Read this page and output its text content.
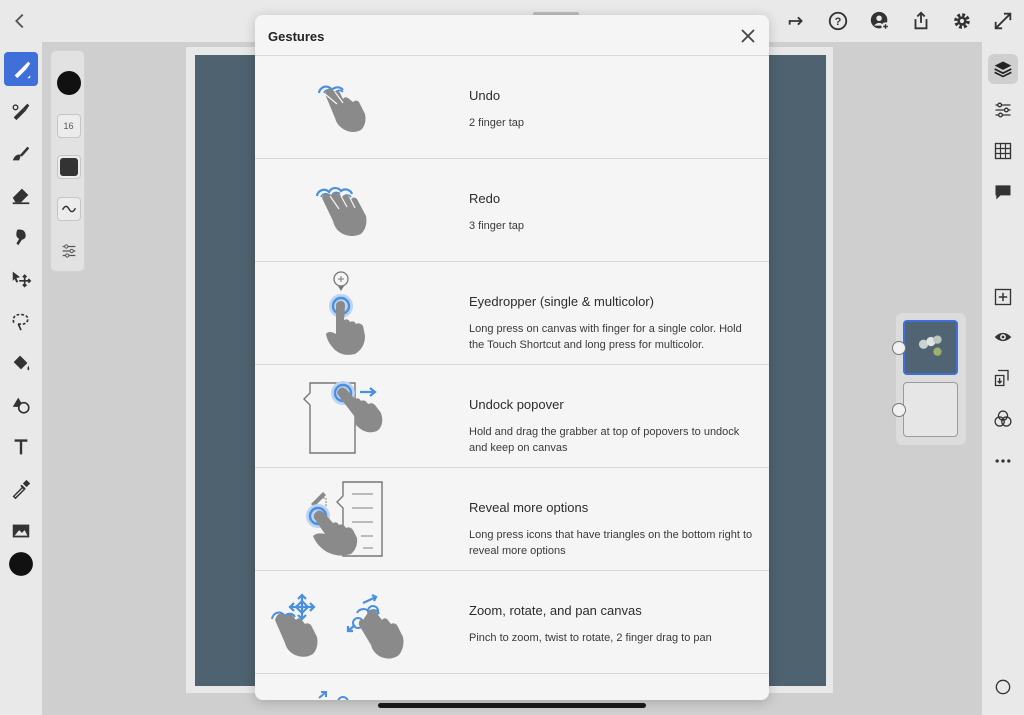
?
16
Gestures
Undo
2 finger tap
Redo
3 finger tap
Eyedropper (single & multicolor)
Long press on canvas with finger for a single color. Hold the Touch Shortcut and long press for multicolor.
Undock popover
Hold and drag the grabber at top of popovers to undock and keep on canvas
Reveal more options
Long press icons that have triangles on the bottom right to reveal more options
Zoom, rotate, and pan canvas
Pinch to zoom, twist to rotate, 2 finger drag to pan
